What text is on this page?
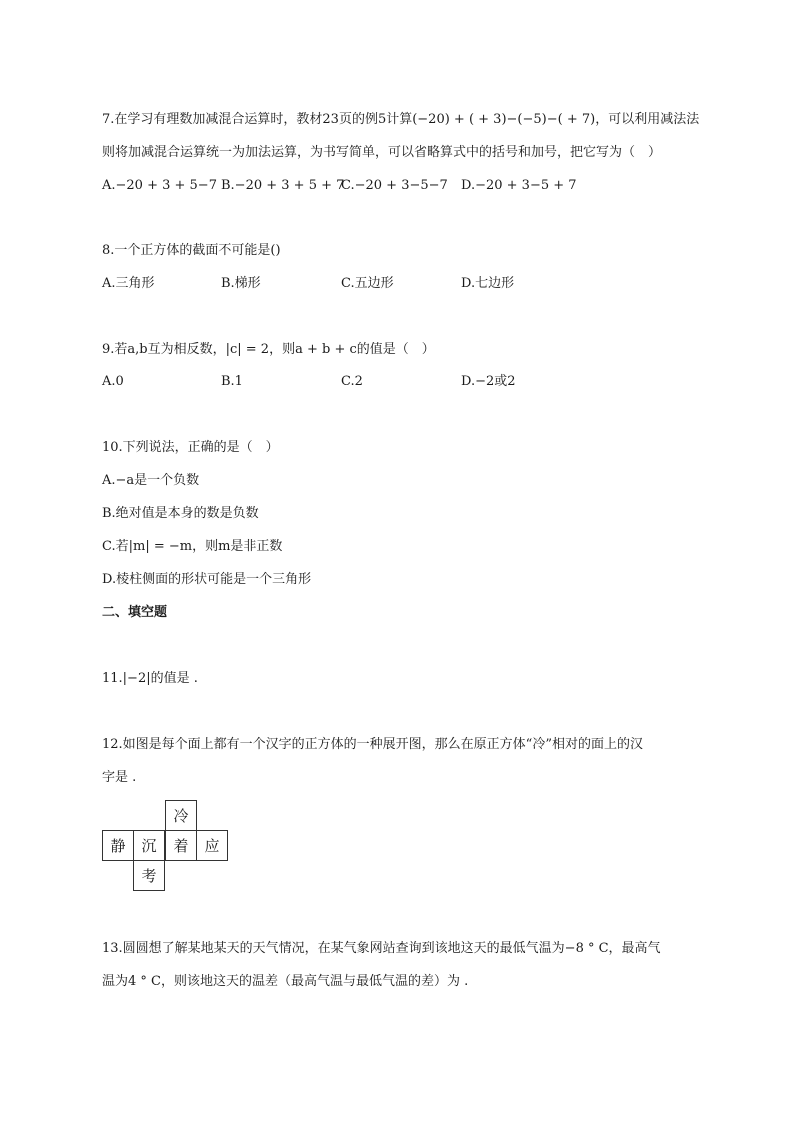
7.在学习有理数加减混合运算时，教材23页的例5计算(−20) + ( + 3)−(−5)−( + 7)，可以利用减法法
则将加减混合运算统一为加法运算，为书写简单，可以省略算式中的括号和加号，把它写为（　）
A.−20 + 3 + 5−7 B.−20 + 3 + 5 + 7
C.−20 + 3−5−7 D.−20 + 3−5 + 7
8.一个正方体的截面不可能是()
A.三角形	B.梯形	C.五边形	D.七边形
9.若a,b互为相反数，|c| = 2，则a + b + c的值是（　）
A.0	B.1	C.2	D.−2或2
10.下列说法，正确的是（　）
A.−a是一个负数
B.绝对值是本身的数是负数
C.若|m| = −m，则m是非正数
D.棱柱侧面的形状可能是一个三角形
二、填空题
11.|−2|的值是 .
12.如图是每个面上都有一个汉字的正方体的一种展开图，那么在原正方体“冷”相对的面上的汉
字是 .
冷
静	沉	着	应
考
13.圆圆想了解某地某天的天气情况，在某气象网站查询到该地这天的最低气温为−8 ° C，最高气
温为4 ° C，则该地这天的温差（最高气温与最低气温的差）为 .
